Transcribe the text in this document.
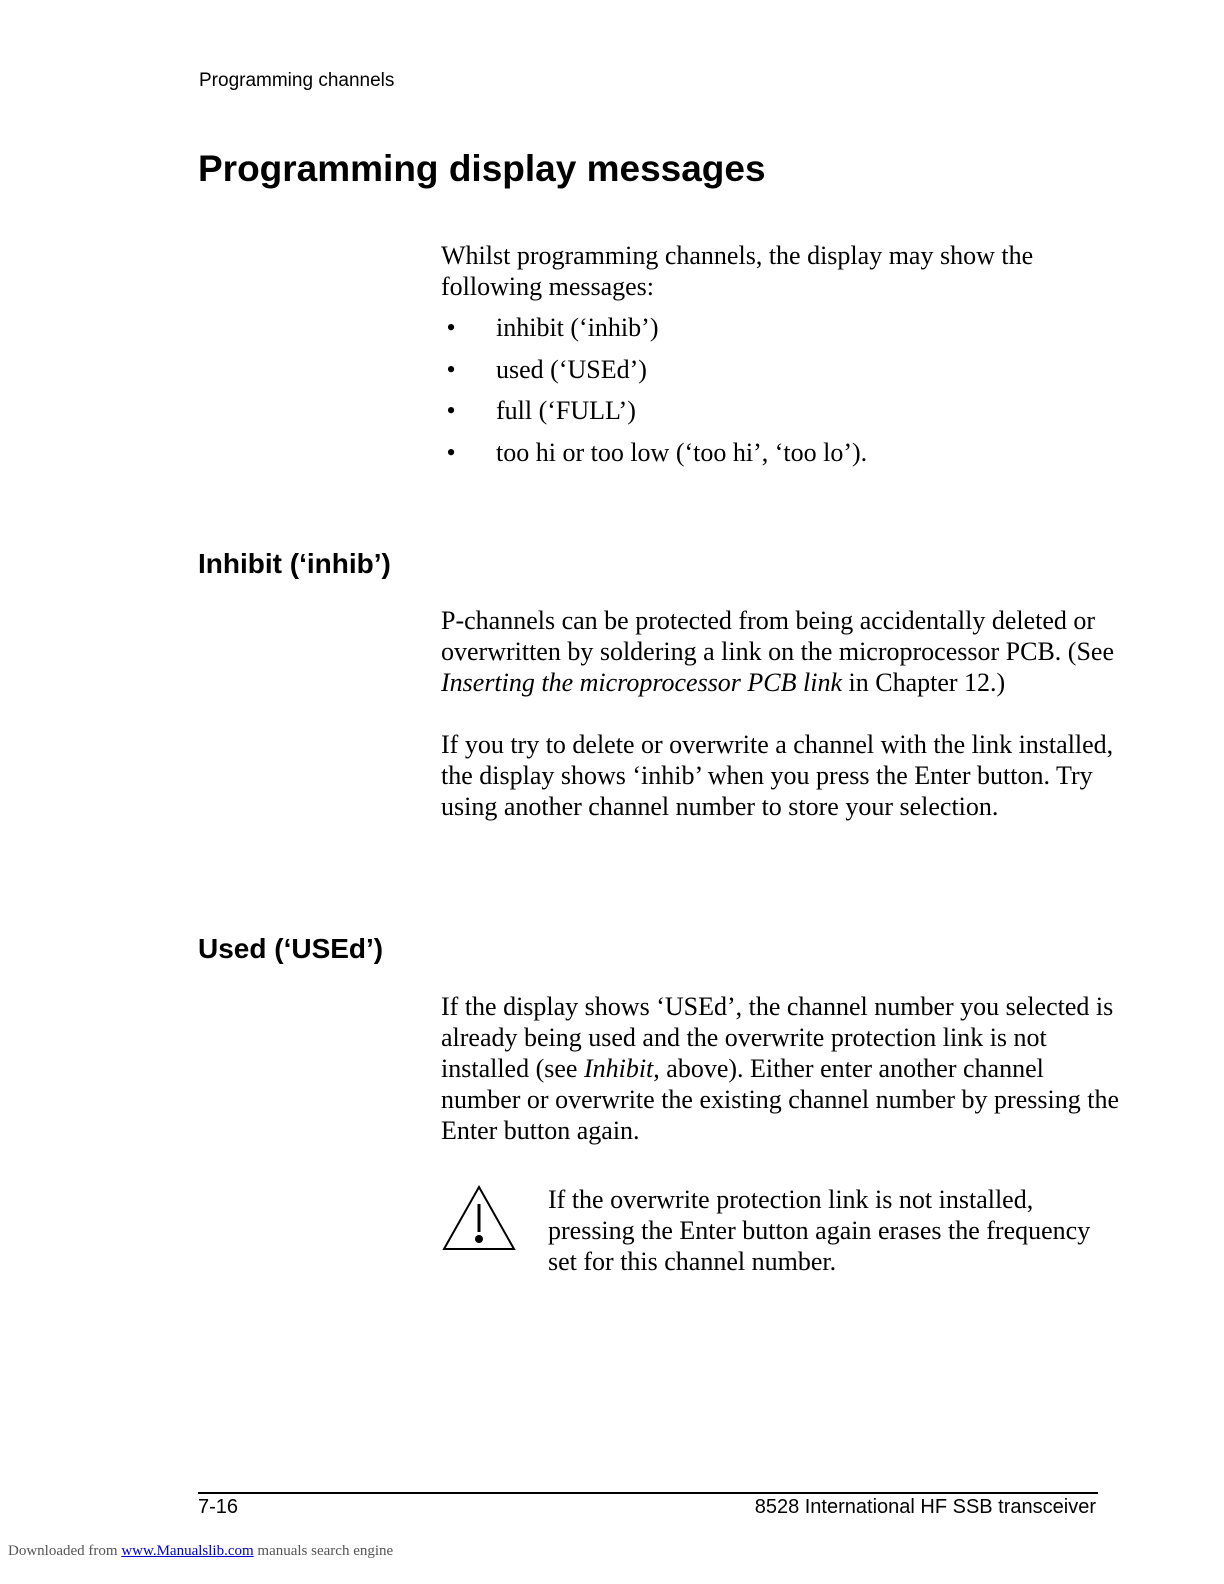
Programming channels

Programming display messages

Whilst programming channels, the display may show the following messages:

• inhibit (‘inhib’)
• used (‘USEd’)
• full (‘FULL’)
• too hi or too low (‘too hi’, ‘too lo’).
Inhibit (‘inhib’)

P-channels can be protected from being accidentally deleted or overwritten by soldering a link on the microprocessor PCB. (See Inserting the microprocessor PCB link in Chapter 12.)

If you try to delete or overwrite a channel with the link installed, the display shows ‘inhib’ when you press the Enter button. Try using another channel number to store your selection.

Used (‘USEd’)

If the display shows ‘USEd’, the channel number you selected is already being used and the overwrite protection link is not installed (see Inhibit, above). Either enter another channel number or overwrite the existing channel number by pressing the Enter button again.

If the overwrite protection link is not installed, pressing the Enter button again erases the frequency set for this channel number.

7-16	8528 International HF SSB transceiver

Downloaded from www.Manualslib.com manuals search engine
